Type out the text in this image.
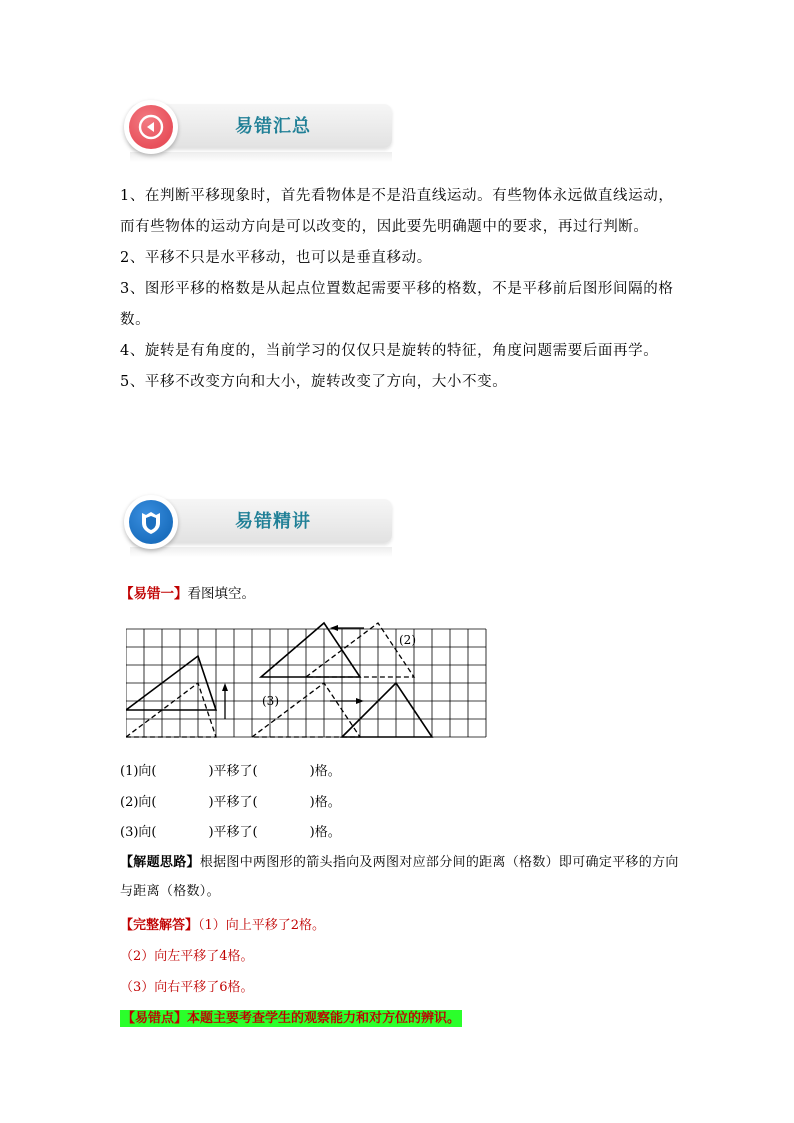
易错汇总

1、在判断平移现象时，首先看物体是不是沿直线运动。有些物体永远做直线运动，而有些物体的运动方向是可以改变的，因此要先明确题中的要求，再过行判断。

2、平移不只是水平移动，也可以是垂直移动。

3、图形平移的格数是从起点位置数起需要平移的格数，不是平移前后图形间隔的格数。

4、旋转是有角度的，当前学习的仅仅只是旋转的特征，角度问题需要后面再学。

5、平移不改变方向和大小，旋转改变了方向，大小不变。

易错精讲
【易错一】看图填空。
(2)
(3)
(1)向(　　　　)平移了(　　　　)格。
(2)向(　　　　)平移了(　　　　)格。
(3)向(　　　　)平移了(　　　　)格。
【解题思路】根据图中两图形的箭头指向及两图对应部分间的距离（格数）即可确定平移的方向与距离（格数）。
【完整解答】（1）向上平移了2格。
（2）向左平移了4格。
（3）向右平移了6格。
【易错点】本题主要考查学生的观察能力和对方位的辨识。
